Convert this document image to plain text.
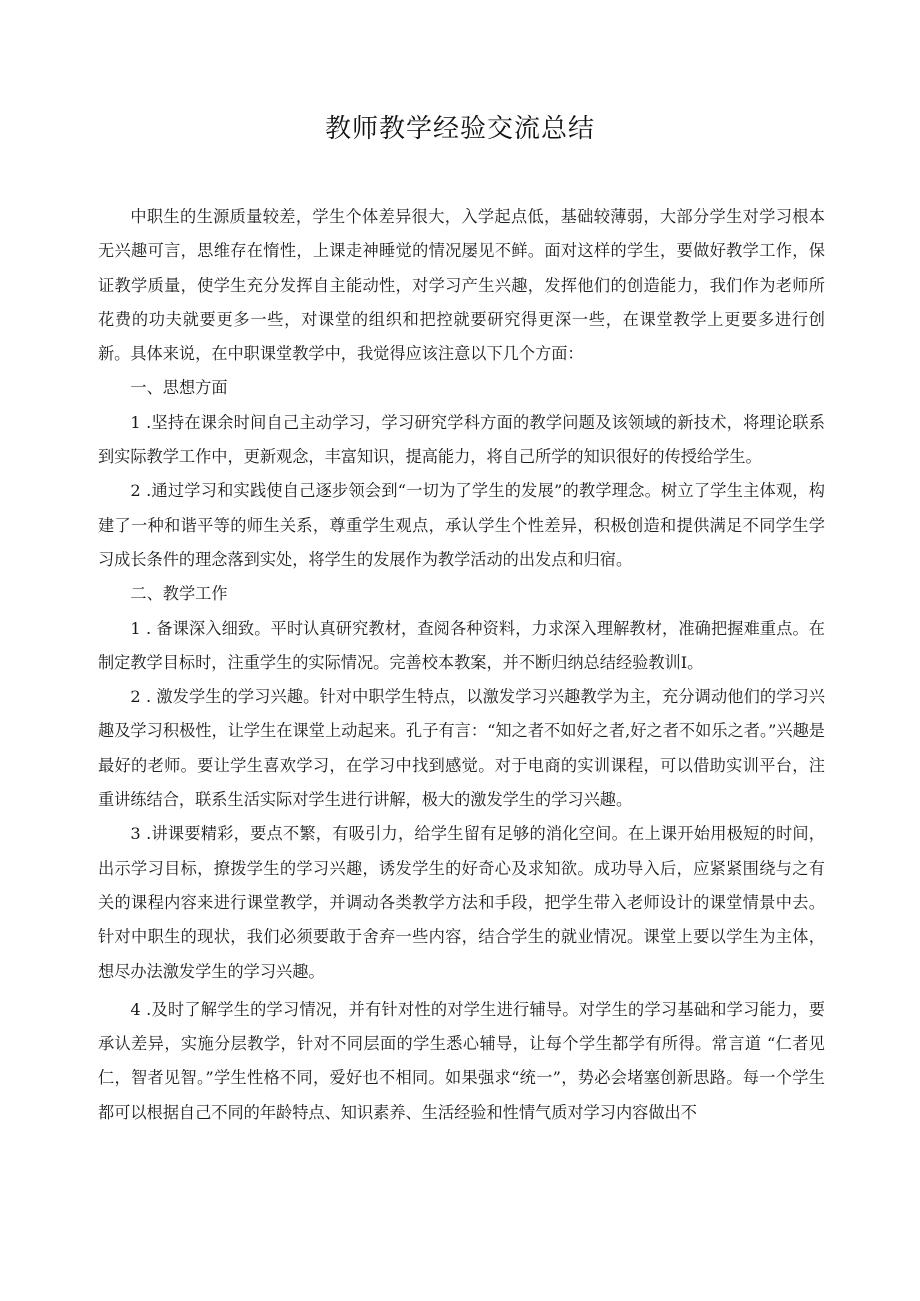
教师教学经验交流总结

中职生的生源质量较差，学生个体差异很大，入学起点低，基础较薄弱，大部分学生对学习根本无兴趣可言，思维存在惰性，上课走神睡觉的情况屡见不鲜。面对这样的学生，要做好教学工作，保证教学质量，使学生充分发挥自主能动性，对学习产生兴趣，发挥他们的创造能力，我们作为老师所花费的功夫就要更多一些，对课堂的组织和把控就要研究得更深一些，在课堂教学上更要多进行创新。具体来说，在中职课堂教学中，我觉得应该注意以下几个方面：

一、思想方面

1 .坚持在课余时间自己主动学习，学习研究学科方面的教学问题及该领域的新技术，将理论联系到实际教学工作中，更新观念，丰富知识，提高能力，将自己所学的知识很好的传授给学生。

2 .通过学习和实践使自己逐步领会到“一切为了学生的发展”的教学理念。树立了学生主体观，构建了一种和谐平等的师生关系，尊重学生观点，承认学生个性差异，积极创造和提供满足不同学生学习成长条件的理念落到实处，将学生的发展作为教学活动的出发点和归宿。

二、教学工作

1 . 备课深入细致。平时认真研究教材，查阅各种资料，力求深入理解教材，准确把握难重点。在制定教学目标时，注重学生的实际情况。完善校本教案，并不断归纳总结经验教训I。

2 . 激发学生的学习兴趣。针对中职学生特点，以激发学习兴趣教学为主，充分调动他们的学习兴趣及学习积极性，让学生在课堂上动起来。孔子有言：“知之者不如好之者,好之者不如乐之者。”兴趣是最好的老师。要让学生喜欢学习，在学习中找到感觉。对于电商的实训课程，可以借助实训平台，注重讲练结合，联系生活实际对学生进行讲解，极大的激发学生的学习兴趣。

3 .讲课要精彩，要点不繁，有吸引力，给学生留有足够的消化空间。在上课开始用极短的时间，出示学习目标，撩拨学生的学习兴趣，诱发学生的好奇心及求知欲。成功导入后，应紧紧围绕与之有关的课程内容来进行课堂教学，并调动各类教学方法和手段，把学生带入老师设计的课堂情景中去。针对中职生的现状，我们必须要敢于舍弃一些内容，结合学生的就业情况。课堂上要以学生为主体，想尽办法激发学生的学习兴趣。

4 .及时了解学生的学习情况，并有针对性的对学生进行辅导。对学生的学习基础和学习能力，要承认差异，实施分层教学，针对不同层面的学生悉心辅导，让每个学生都学有所得。常言道 “仁者见仁，智者见智。”学生性格不同，爱好也不相同。如果强求“统一”，势必会堵塞创新思路。每一个学生都可以根据自己不同的年龄特点、知识素养、生活经验和性情气质对学习内容做出不
